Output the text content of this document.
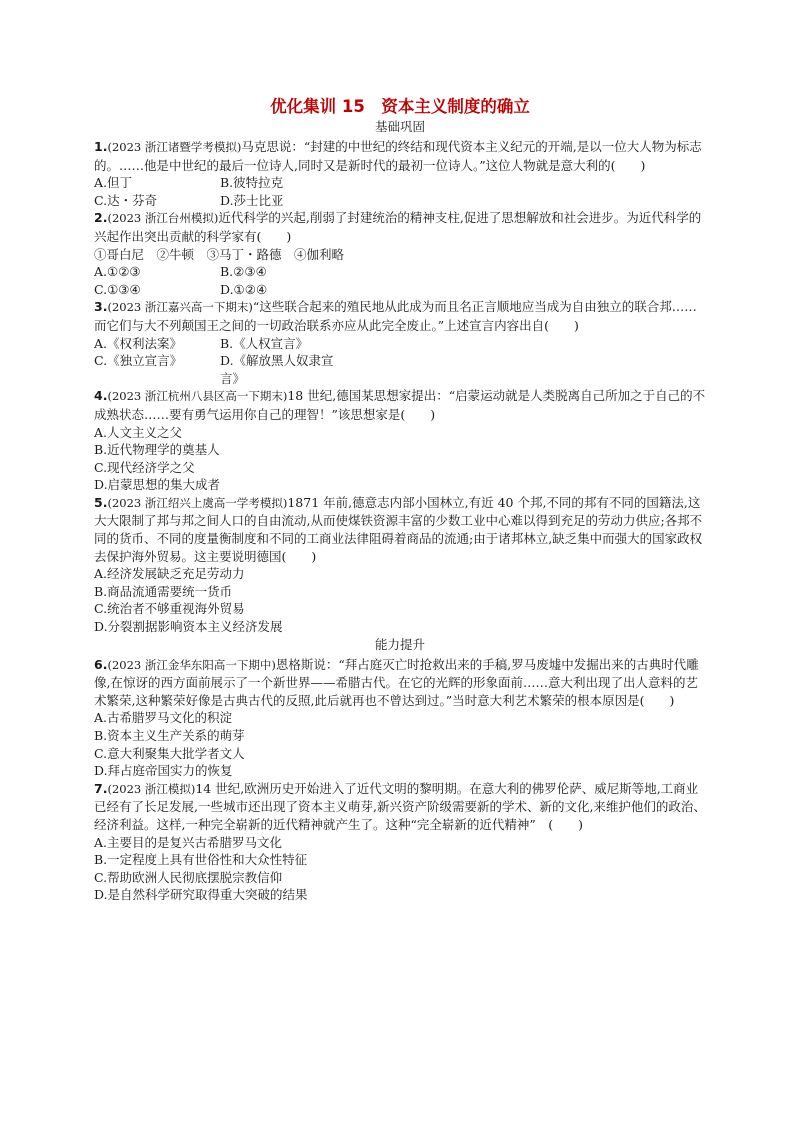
优化集训 15　资本主义制度的确立

基础巩固

1.(2023 浙江诸暨学考模拟)马克思说：“封建的中世纪的终结和现代资本主义纪元的开端,是以一位大人物为标志的。……他是中世纪的最后一位诗人,同时又是新时代的最初一位诗人。”这位人物就是意大利的(　　)

A.但丁	B.彼特拉克

C.达・芬奇	D.莎士比亚

2.(2023 浙江台州模拟)近代科学的兴起,削弱了封建统治的精神支柱,促进了思想解放和社会进步。为近代科学的兴起作出突出贡献的科学家有(　　)

①哥白尼　②牛顿　③马丁・路德　④伽利略

A.①②③	B.②③④

C.①③④	D.①②④

3.(2023 浙江嘉兴高一下期末)“这些联合起来的殖民地从此成为而且名正言顺地应当成为自由独立的联合邦……而它们与大不列颠国王之间的一切政治联系亦应从此完全废止。”上述宣言内容出自(　　)

A.《权利法案》	B.《人权宣言》

C.《独立宣言》	D.《解放黑人奴隶宣言》

4.(2023 浙江杭州八县区高一下期末)18 世纪,德国某思想家提出：“启蒙运动就是人类脱离自己所加之于自己的不成熟状态……要有勇气运用你自己的理智！”该思想家是(　　)

A.人文主义之父

B.近代物理学的奠基人

C.现代经济学之父

D.启蒙思想的集大成者

5.(2023 浙江绍兴上虞高一学考模拟)1871 年前,德意志内部小国林立,有近 40 个邦,不同的邦有不同的国籍法,这大大限制了邦与邦之间人口的自由流动,从而使煤铁资源丰富的少数工业中心难以得到充足的劳动力供应;各邦不同的货币、不同的度量衡制度和不同的工商业法律阻碍着商品的流通;由于诸邦林立,缺乏集中而强大的国家政权去保护海外贸易。这主要说明德国(　　)

A.经济发展缺乏充足劳动力

B.商品流通需要统一货币

C.统治者不够重视海外贸易

D.分裂割据影响资本主义经济发展

能力提升

6.(2023 浙江金华东阳高一下期中)恩格斯说：“拜占庭灭亡时抢救出来的手稿,罗马废墟中发掘出来的古典时代雕像,在惊讶的西方面前展示了一个新世界——希腊古代。在它的光辉的形象面前……意大利出现了出人意料的艺术繁荣,这种繁荣好像是古典古代的反照,此后就再也不曾达到过。”当时意大利艺术繁荣的根本原因是(　　)

A.古希腊罗马文化的积淀

B.资本主义生产关系的萌芽

C.意大利聚集大批学者文人

D.拜占庭帝国实力的恢复

7.(2023 浙江模拟)14 世纪,欧洲历史开始进入了近代文明的黎明期。在意大利的佛罗伦萨、威尼斯等地,工商业已经有了长足发展,一些城市还出现了资本主义萌芽,新兴资产阶级需要新的学术、新的文化,来维护他们的政治、经济利益。这样,一种完全崭新的近代精神就产生了。这种“完全崭新的近代精神”　(　　)

A.主要目的是复兴古希腊罗马文化

B.一定程度上具有世俗性和大众性特征

C.帮助欧洲人民彻底摆脱宗教信仰

D.是自然科学研究取得重大突破的结果
